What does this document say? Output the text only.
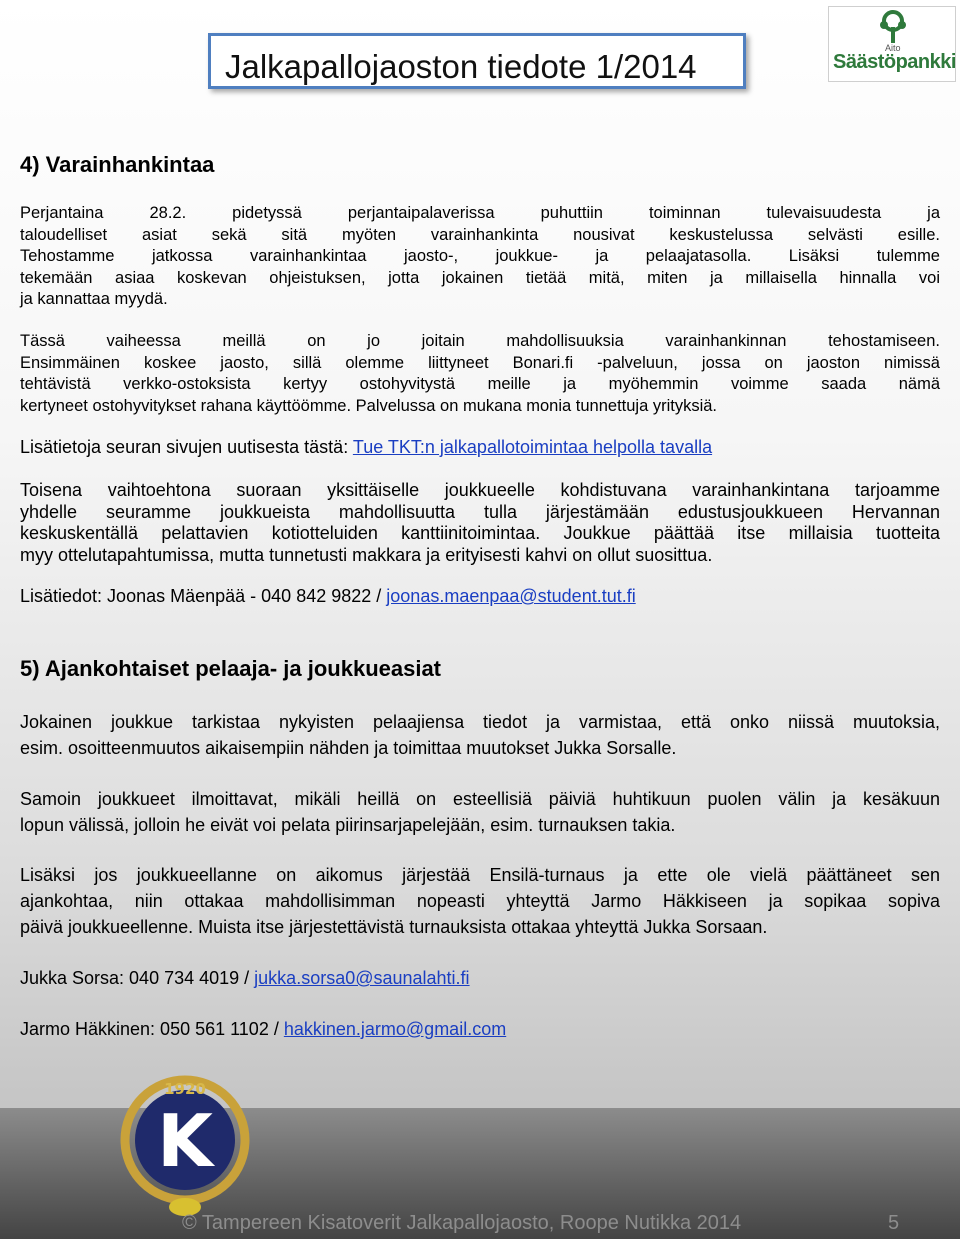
Jalkapallojaoston tiedote 1/2014	Aito
Säästöpankki
4) Varainhankintaa
Perjantaina 28.2. pidetyssä perjantaipalaverissa puhuttiin toiminnan tulevaisuudesta ja
taloudelliset asiat sekä sitä myöten varainhankinta nousivat keskustelussa selvästi esille.
Tehostamme jatkossa varainhankintaa jaosto-, joukkue- ja pelaajatasolla. Lisäksi tulemme
tekemään asiaa koskevan ohjeistuksen, jotta jokainen tietää mitä, miten ja millaisella hinnalla voi
ja kannattaa myydä.
Tässä vaiheessa meillä on jo joitain mahdollisuuksia varainhankinnan tehostamiseen.
Ensimmäinen koskee jaosto, sillä olemme liittyneet Bonari.fi -palveluun, jossa on jaoston nimissä
tehtävistä verkko-ostoksista kertyy ostohyvitystä meille ja myöhemmin voimme saada nämä
kertyneet ostohyvitykset rahana käyttöömme. Palvelussa on mukana monia tunnettuja yrityksiä.
Lisätietoja seuran sivujen uutisesta tästä: Tue TKT:n jalkapallotoimintaa helpolla tavalla
Toisena vaihtoehtona suoraan yksittäiselle joukkueelle kohdistuvana varainhankintana tarjoamme
yhdelle seuramme joukkueista mahdollisuutta tulla järjestämään edustusjoukkueen Hervannan
keskuskentällä pelattavien kotiotteluiden kanttiinitoimintaa. Joukkue päättää itse millaisia tuotteita
myy ottelutapahtumissa, mutta tunnetusti makkara ja erityisesti kahvi on ollut suosittua.
Lisätiedot: Joonas Mäenpää - 040 842 9822 / joonas.maenpaa@student.tut.fi
5) Ajankohtaiset pelaaja- ja joukkueasiat
Jokainen joukkue tarkistaa nykyisten pelaajiensa tiedot ja varmistaa, että onko niissä muutoksia,
esim. osoitteenmuutos aikaisempiin nähden ja toimittaa muutokset Jukka Sorsalle.
Samoin joukkueet ilmoittavat, mikäli heillä on esteellisiä päiviä huhtikuun puolen välin ja kesäkuun
lopun välissä, jolloin he eivät voi pelata piirinsarjapelejään, esim. turnauksen takia.
Lisäksi jos joukkueellanne on aikomus järjestää Ensilä-turnaus ja ette ole vielä päättäneet sen
ajankohtaa, niin ottakaa mahdollisimman nopeasti yhteyttä Jarmo Häkkiseen ja sopikaa sopiva
päivä joukkueellenne. Muista itse järjestettävistä turnauksista ottakaa yhteyttä Jukka Sorsaan.
Jukka Sorsa: 040 734 4019 / jukka.sorsa0@saunalahti.fi
Jarmo Häkkinen: 050 561 1102 / hakkinen.jarmo@gmail.com
1920
K
© Tampereen Kisatoverit Jalkapallojaosto, Roope Nutikka 2014	5
